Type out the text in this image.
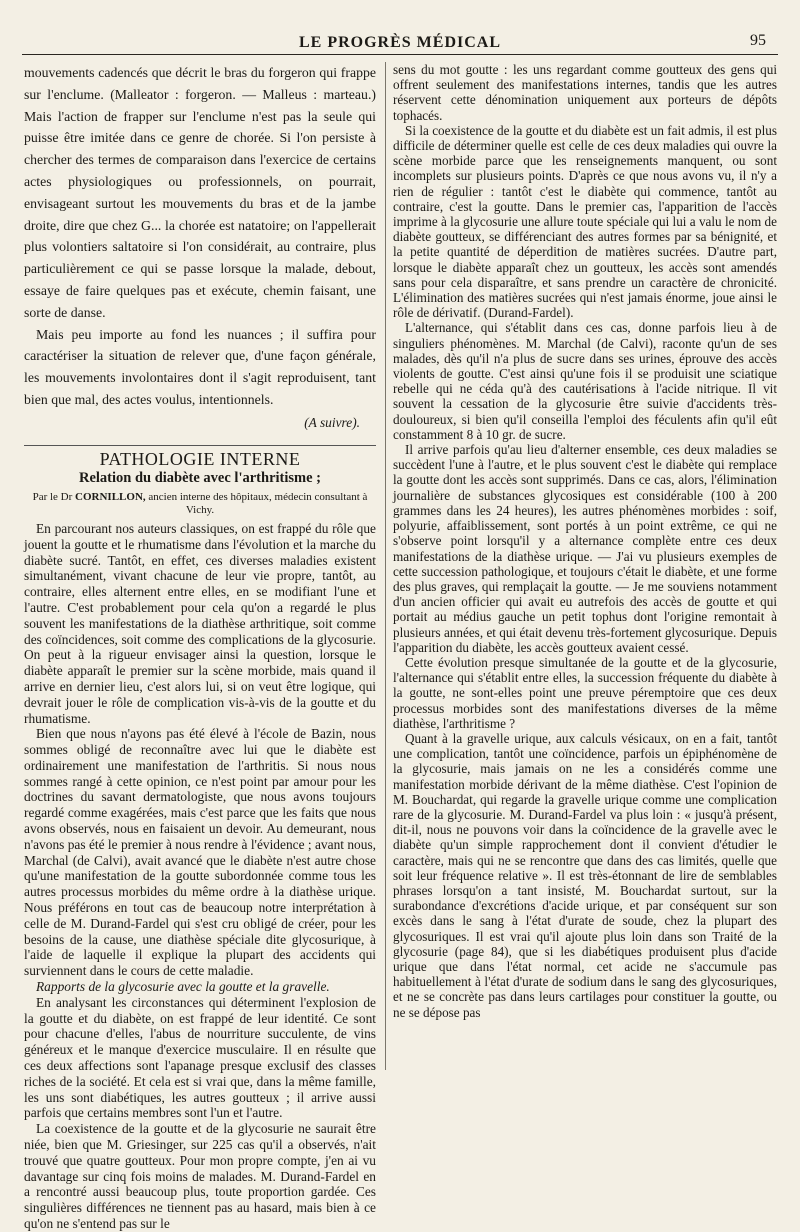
LE PROGRÈS MÉDICAL	95

mouvements cadencés que décrit le bras du forgeron qui frappe sur l'enclume. (Malleator : forgeron. — Malleus : marteau.) Mais l'action de frapper sur l'enclume n'est pas la seule qui puisse être imitée dans ce genre de chorée. Si l'on persiste à chercher des termes de comparaison dans l'exercice de certains actes physiologiques ou professionnels, on pourrait, envisageant surtout les mouvements du bras et de la jambe droite, dire que chez G... la chorée est natatoire; on l'appellerait plus volontiers saltatoire si l'on considérait, au contraire, plus particulièrement ce qui se passe lorsque la malade, debout, essaye de faire quelques pas et exécute, chemin faisant, une sorte de danse.

Mais peu importe au fond les nuances ; il suffira pour caractériser la situation de relever que, d'une façon générale, les mouvements involontaires dont il s'agit reproduisent, tant bien que mal, des actes voulus, intentionnels.

(A suivre).
PATHOLOGIE INTERNE
Relation du diabète avec l'arthritisme ;
Par le Dr CORNILLON, ancien interne des hôpitaux, médecin consultant à Vichy.

En parcourant nos auteurs classiques, on est frappé du rôle que jouent la goutte et le rhumatisme dans l'évolution et la marche du diabète sucré. Tantôt, en effet, ces diverses maladies existent simultanément, vivant chacune de leur vie propre, tantôt, au contraire, elles alternent entre elles, en se modifiant l'une et l'autre. C'est probablement pour cela qu'on a regardé le plus souvent les manifestations de la diathèse arthritique, soit comme des coïncidences, soit comme des complications de la glycosurie. On peut à la rigueur envisager ainsi la question, lorsque le diabète apparaît le premier sur la scène morbide, mais quand il arrive en dernier lieu, c'est alors lui, si on veut être logique, qui devrait jouer le rôle de complication vis-à-vis de la goutte et du rhumatisme.

Bien que nous n'ayons pas été élevé à l'école de Bazin, nous sommes obligé de reconnaître avec lui que le diabète est ordinairement une manifestation de l'arthritis. Si nous nous sommes rangé à cette opinion, ce n'est point par amour pour les doctrines du savant dermatologiste, que nous avons toujours regardé comme exagérées, mais c'est parce que les faits que nous avons observés, nous en faisaient un devoir. Au demeurant, nous n'avons pas été le premier à nous rendre à l'évidence ; avant nous, Marchal (de Calvi), avait avancé que le diabète n'est autre chose qu'une manifestation de la goutte subordonnée comme tous les autres processus morbides du même ordre à la diathèse urique. Nous préférons en tout cas de beaucoup notre interprétation à celle de M. Durand-Fardel qui s'est cru obligé de créer, pour les besoins de la cause, une diathèse spéciale dite glycosurique, à l'aide de laquelle il explique la plupart des accidents qui surviennent dans le cours de cette maladie.

Rapports de la glycosurie avec la goutte et la gravelle.

En analysant les circonstances qui déterminent l'explosion de la goutte et du diabète, on est frappé de leur identité. Ce sont pour chacune d'elles, l'abus de nourriture succulente, de vins généreux et le manque d'exercice musculaire. Il en résulte que ces deux affections sont l'apanage presque exclusif des classes riches de la société. Et cela est si vrai que, dans la même famille, les uns sont diabétiques, les autres goutteux ; il arrive aussi parfois que certains membres sont l'un et l'autre.

La coexistence de la goutte et de la glycosurie ne saurait être niée, bien que M. Griesinger, sur 225 cas qu'il a observés, n'ait trouvé que quatre goutteux. Pour mon propre compte, j'en ai vu davantage sur cinq fois moins de malades. M. Durand-Fardel en a rencontré aussi beaucoup plus, toute proportion gardée. Ces singulières différences ne tiennent pas au hasard, mais bien à ce qu'on ne s'entend pas sur le

sens du mot goutte : les uns regardant comme goutteux des gens qui offrent seulement des manifestations internes, tandis que les autres réservent cette dénomination uniquement aux porteurs de dépôts tophacés.

Si la coexistence de la goutte et du diabète est un fait admis, il est plus difficile de déterminer quelle est celle de ces deux maladies qui ouvre la scène morbide parce que les renseignements manquent, ou sont incomplets sur plusieurs points. D'après ce que nous avons vu, il n'y a rien de régulier : tantôt c'est le diabète qui commence, tantôt au contraire, c'est la goutte. Dans le premier cas, l'apparition de l'accès imprime à la glycosurie une allure toute spéciale qui lui a valu le nom de diabète goutteux, se différenciant des autres formes par sa bénignité, et la petite quantité de déperdition de matières sucrées. D'autre part, lorsque le diabète apparaît chez un goutteux, les accès sont amendés sans pour cela disparaître, et sans prendre un caractère de chronicité. L'élimination des matières sucrées qui n'est jamais énorme, joue ainsi le rôle de dérivatif. (Durand-Fardel).

L'alternance, qui s'établit dans ces cas, donne parfois lieu à de singuliers phénomènes. M. Marchal (de Calvi), raconte qu'un de ses malades, dès qu'il n'a plus de sucre dans ses urines, éprouve des accès violents de goutte. C'est ainsi qu'une fois il se produisit une sciatique rebelle qui ne céda qu'à des cautérisations à l'acide nitrique. Il vit souvent la cessation de la glycosurie être suivie d'accidents très-douloureux, si bien qu'il conseilla l'emploi des féculents afin qu'il eût constamment 8 à 10 gr. de sucre.

Il arrive parfois qu'au lieu d'alterner ensemble, ces deux maladies se succèdent l'une à l'autre, et le plus souvent c'est le diabète qui remplace la goutte dont les accès sont supprimés. Dans ce cas, alors, l'élimination journalière de substances glycosiques est considérable (100 à 200 grammes dans les 24 heures), les autres phénomènes morbides : soif, polyurie, affaiblissement, sont portés à un point extrême, ce qui ne s'observe point lorsqu'il y a alternance complète entre ces deux manifestations de la diathèse urique. — J'ai vu plusieurs exemples de cette succession pathologique, et toujours c'était le diabète, et une forme des plus graves, qui remplaçait la goutte. — Je me souviens notamment d'un ancien officier qui avait eu autrefois des accès de goutte et qui portait au médius gauche un petit tophus dont l'origine remontait à plusieurs années, et qui était devenu très-fortement glycosurique. Depuis l'apparition du diabète, les accès goutteux avaient cessé.

Cette évolution presque simultanée de la goutte et de la glycosurie, l'alternance qui s'établit entre elles, la succession fréquente du diabète à la goutte, ne sont-elles point une preuve péremptoire que ces deux processus morbides sont des manifestations diverses de la même diathèse, l'arthritisme ?

Quant à la gravelle urique, aux calculs vésicaux, on en a fait, tantôt une complication, tantôt une coïncidence, parfois un épiphénomène de la glycosurie, mais jamais on ne les a considérés comme une manifestation morbide dérivant de la même diathèse. C'est l'opinion de M. Bouchardat, qui regarde la gravelle urique comme une complication rare de la glycosurie. M. Durand-Fardel va plus loin : « jusqu'à présent, dit-il, nous ne pouvons voir dans la coïncidence de la gravelle avec le diabète qu'un simple rapprochement dont il convient d'étudier le caractère, mais qui ne se rencontre que dans des cas limités, quelle que soit leur fréquence relative ». Il est très-étonnant de lire de semblables phrases lorsqu'on a tant insisté, M. Bouchardat surtout, sur la surabondance d'excrétions d'acide urique, et par conséquent sur son excès dans le sang à l'état d'urate de soude, chez la plupart des glycosuriques. Il est vrai qu'il ajoute plus loin dans son Traité de la glycosurie (page 84), que si les diabétiques produisent plus d'acide urique que dans l'état normal, cet acide ne s'accumule pas habituellement à l'état d'urate de sodium dans le sang des glycosuriques, et ne se concrète pas dans leurs cartilages pour constituer la goutte, ou ne se dépose pas
